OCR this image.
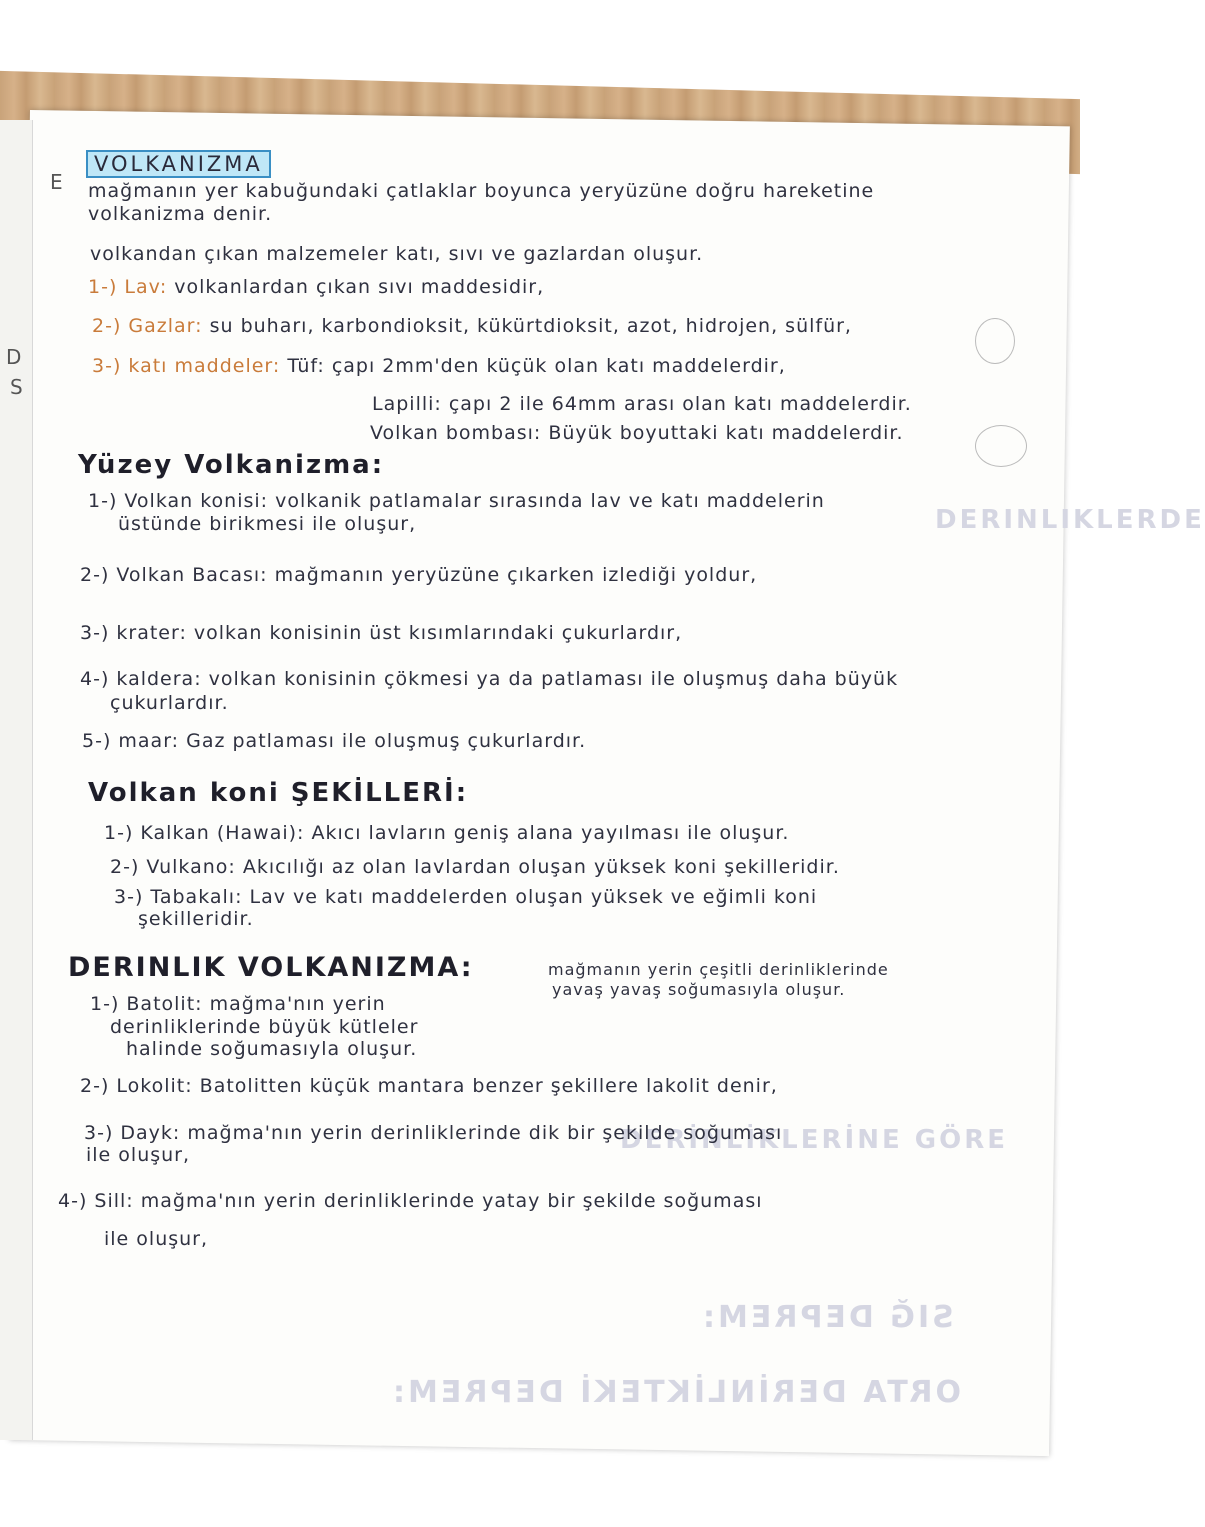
D
S
E
DERINLIKLERDE
DERİNLİKLERİNE GÖRE
SIĞ DEPREM:
ORTA DERİNLİKTEKİ DEPREM:
VOLKANIZMA
mağmanın yer kabuğundaki çatlaklar boyunca yeryüzüne doğru hareketine
volkanizma denir.
volkandan çıkan malzemeler katı, sıvı ve gazlardan oluşur.
1-) Lav: volkanlardan çıkan sıvı maddesidir,
2-) Gazlar: su buharı, karbondioksit, kükürtdioksit, azot, hidrojen, sülfür,
3-) katı maddeler: Tüf: çapı 2mm'den küçük olan katı maddelerdir,
Lapilli: çapı 2 ile 64mm arası olan katı maddelerdir.
Volkan bombası: Büyük boyuttaki katı maddelerdir.
Yüzey Volkanizma:
1-) Volkan konisi: volkanik patlamalar sırasında lav ve katı maddelerin
üstünde birikmesi ile oluşur,
2-) Volkan Bacası: mağmanın yeryüzüne çıkarken izlediği yoldur,
3-) krater: volkan konisinin üst kısımlarındaki çukurlardır,
4-) kaldera: volkan konisinin çökmesi ya da patlaması ile oluşmuş daha büyük
çukurlardır.
5-) maar: Gaz patlaması ile oluşmuş çukurlardır.
Volkan koni ŞEKİLLERİ:
1-) Kalkan (Hawai): Akıcı lavların geniş alana yayılması ile oluşur.
2-) Vulkano: Akıcılığı az olan lavlardan oluşan yüksek koni şekilleridir.
3-) Tabakalı: Lav ve katı maddelerden oluşan yüksek ve eğimli koni
şekilleridir.
DERINLIK VOLKANIZMA:	mağmanın yerin çeşitli derinliklerinde
yavaş yavaş soğumasıyla oluşur.
1-) Batolit: mağma'nın yerin
derinliklerinde büyük kütleler
halinde soğumasıyla oluşur.
2-) Lokolit: Batolitten küçük mantara benzer şekillere lakolit denir,
3-) Dayk: mağma'nın yerin derinliklerinde dik bir şekilde soğuması
ile oluşur,
4-) Sill: mağma'nın yerin derinliklerinde yatay bir şekilde soğuması
ile oluşur,
